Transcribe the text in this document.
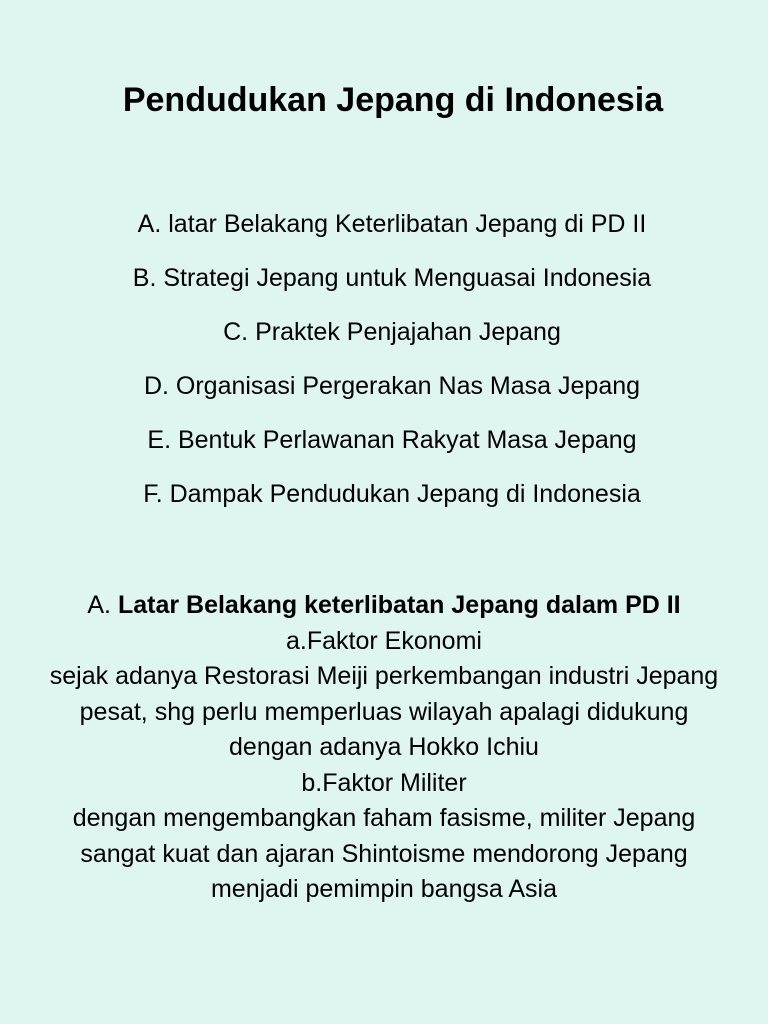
Pendudukan Jepang di Indonesia
A. latar Belakang Keterlibatan Jepang di PD II
B. Strategi Jepang untuk Menguasai Indonesia
C. Praktek Penjajahan Jepang
D. Organisasi Pergerakan Nas Masa Jepang
E. Bentuk Perlawanan Rakyat Masa Jepang
F. Dampak Pendudukan Jepang di Indonesia

A. Latar Belakang keterlibatan Jepang dalam PD II

a.Faktor Ekonomi

sejak adanya Restorasi Meiji perkembangan industri Jepang pesat, shg perlu memperluas wilayah apalagi didukung dengan adanya Hokko Ichiu

b.Faktor Militer

dengan mengembangkan faham fasisme, militer Jepang sangat kuat dan ajaran Shintoisme mendorong Jepang menjadi pemimpin bangsa Asia
